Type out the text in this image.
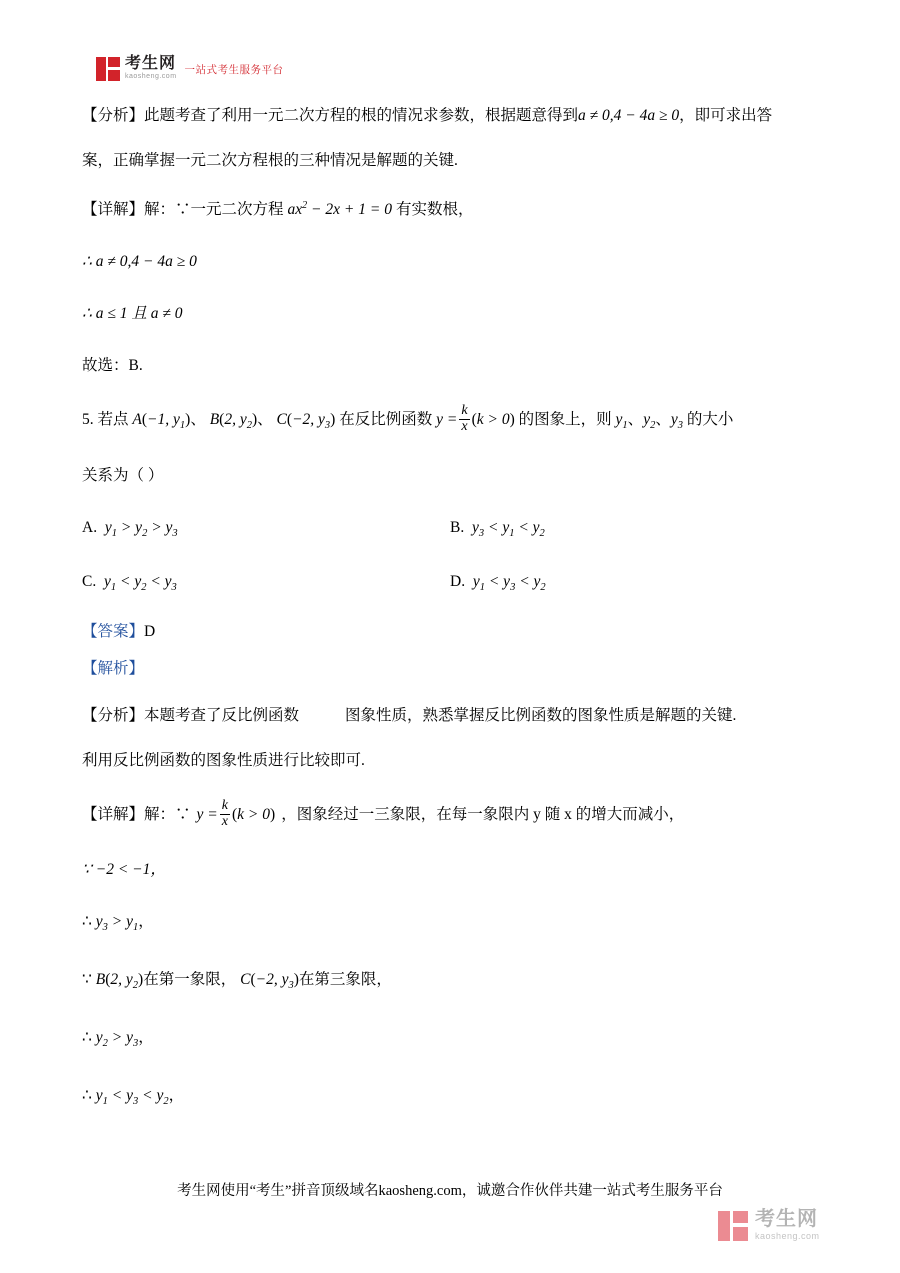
考生网
kaosheng.com
一站式考生服务平台

【分析】此题考查了利用一元二次方程的根的情况求参数，根据题意得到a ≠ 0,4 − 4a ≥ 0，即可求出答

案，正确掌握一元二次方程根的三种情况是解题的关键.

【详解】解：∵一元二次方程 $ax^2 - 2x + 1 = 0$ 有实数根，

∴ a ≠ 0,4 − 4a ≥ 0

∴ a ≤ 1 且 a ≠ 0

故选：B.

5. 若点 A(−1, $y_1$)、 B(2, $y_2$)、 C(−2, $y_3$) 在反比例函数 $y = \frac{k}{x} (k > 0)$ 的图象上，则 $y_1$、$y_2$、$y_3$ 的大小

关系为（ ）

A.  $y_1 > y_2 > y_3$	B.  $y_3 < y_1 < y_2$
C.  $y_1 < y_2 < y_3$	D.  $y_1 < y_3 < y_2$

【答案】D

【解析】

【分析】本题考查了反比例函数	图象性质，熟悉掌握反比例函数的图象性质是解题的关键.

利用反比例函数的图象性质进行比较即可.

【详解】解：∵ $y = \frac{k}{x} (k > 0)$ ，图象经过一三象限，在每一象限内 y 随 x 的增大而减小，

∵ −2 < −1，

∴ $y_3 > y_1$，

∵ B(2, $y_2$)在第一象限， C(−2, $y_3$)在第三象限，

∴ $y_2 > y_3$，

∴ $y_1 < y_3 < y_2$，

考生网使用“考生”拼音顶级域名kaosheng.com，诚邀合作伙伴共建一站式考生服务平台
考生网
kaosheng.com
